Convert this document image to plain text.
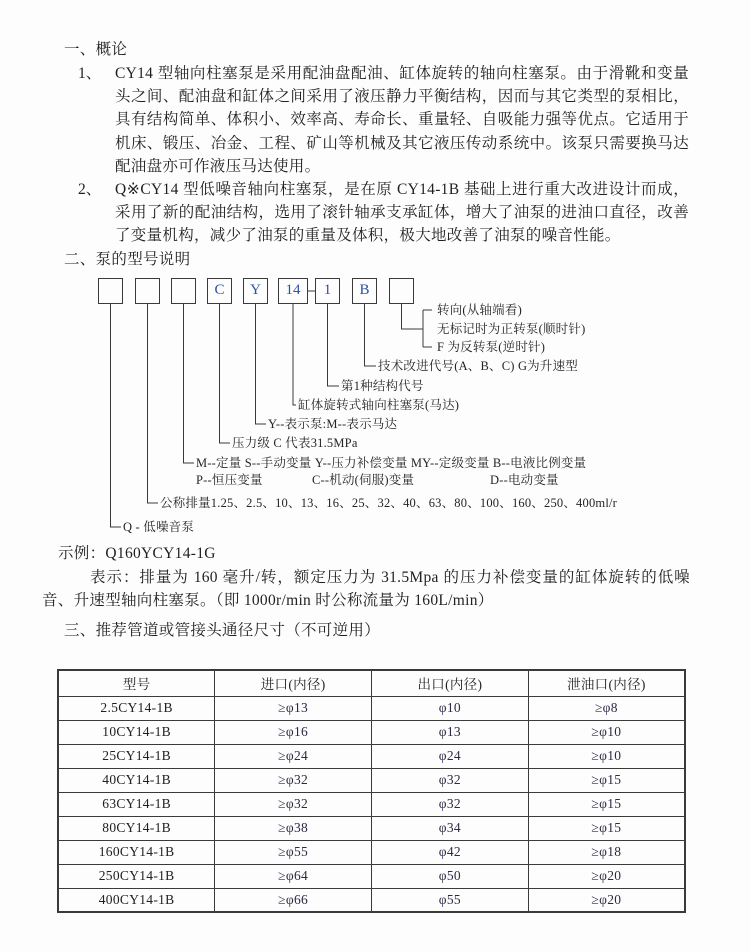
一、概论
1、 CY14 型轴向柱塞泵是采用配油盘配油、缸体旋转的轴向柱塞泵。由于滑靴和变量头之间、配油盘和缸体之间采用了液压静力平衡结构，因而与其它类型的泵相比，具有结构简单、体积小、效率高、寿命长、重量轻、自吸能力强等优点。它适用于机床、锻压、冶金、工程、矿山等机械及其它液压传动系统中。该泵只需要换马达配油盘亦可作液压马达使用。

2、 Q※CY14 型低噪音轴向柱塞泵，是在原 CY14-1B 基础上进行重大改进设计而成，采用了新的配油结构，选用了滚针轴承支承缸体，增大了油泵的进油口直径，改善了变量机构，减少了油泵的重量及体积，极大地改善了油泵的噪音性能。

二、泵的型号说明
C	Y	14	1	B
转向(从轴端看)
无标记时为正转泵(顺时针)
F 为反转泵(逆时针)
技术改进代号(A、B、C) G为升速型
第1种结构代号
缸体旋转式轴向柱塞泵(马达)
Y--表示泵:M--表示马达
压力级 C 代表31.5MPa
M--定量 S--手动变量 Y--压力补偿变量 MY--定级变量 B--电液比例变量
P--恒压变量	C--机动(伺服)变量	D--电动变量
公称排量1.25、2.5、10、13、16、25、32、40、63、80、100、160、250、400ml/r
Q - 低噪音泵

示例：Q160YCY14-1G

表示：排量为 160 毫升/转，额定压力为 31.5Mpa 的压力补偿变量的缸体旋转的低噪音、升速型轴向柱塞泵。（即 1000r/min 时公称流量为 160L/min）

三、推荐管道或管接头通径尺寸（不可逆用）
型号	进口(内径)	出口(内径)	泄油口(内径)
2.5CY14-1B	≥φ13	φ10	≥φ8
10CY14-1B	≥φ16	φ13	≥φ10
25CY14-1B	≥φ24	φ24	≥φ10
40CY14-1B	≥φ32	φ32	≥φ15
63CY14-1B	≥φ32	φ32	≥φ15
80CY14-1B	≥φ38	φ34	≥φ15
160CY14-1B	≥φ55	φ42	≥φ18
250CY14-1B	≥φ64	φ50	≥φ20
400CY14-1B	≥φ66	φ55	≥φ20
